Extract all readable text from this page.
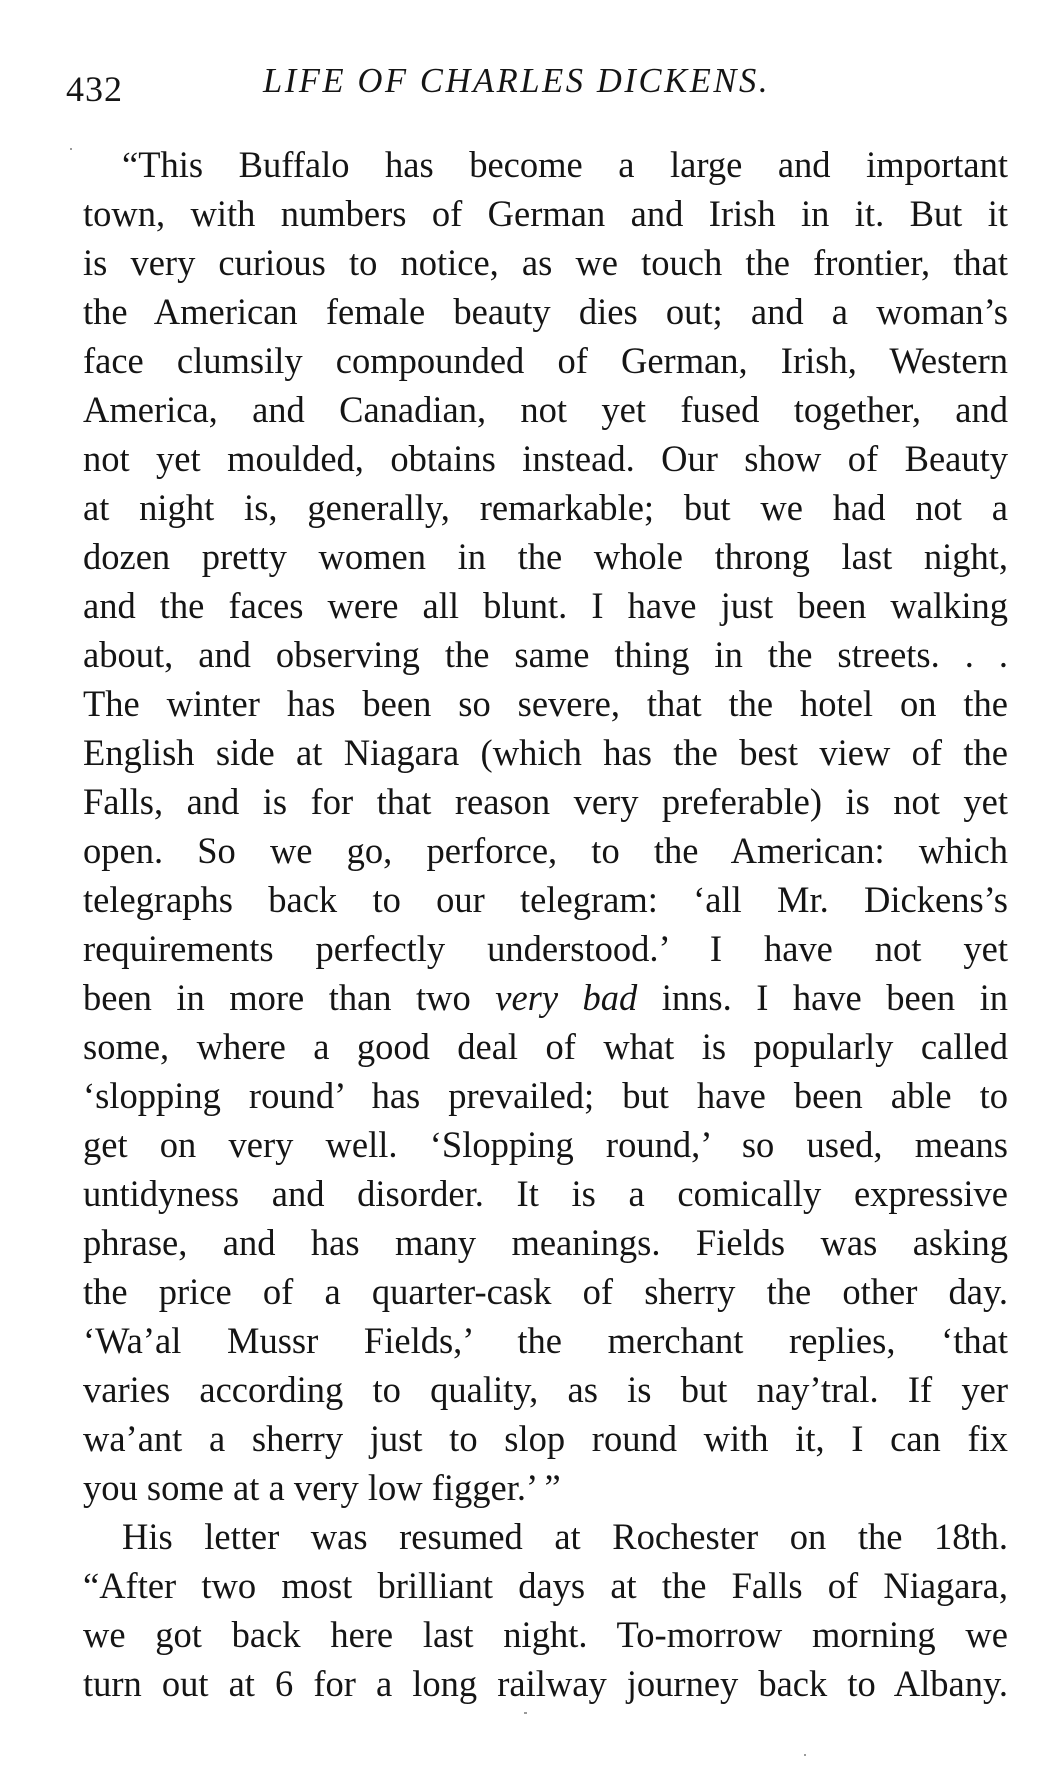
432	LIFE OF CHARLES DICKENS.
“This Buffalo has become a large and important
town, with numbers of German and Irish in it. But it
is very curious to notice, as we touch the frontier, that
the American female beauty dies out; and a woman’s
face clumsily compounded of German, Irish, Western
America, and Canadian, not yet fused together, and
not yet moulded, obtains instead. Our show of Beauty
at night is, generally, remarkable; but we had not a
dozen pretty women in the whole throng last night,
and the faces were all blunt. I have just been walking
about, and observing the same thing in the streets. . .
The winter has been so severe, that the hotel on the
English side at Niagara (which has the best view of the
Falls, and is for that reason very preferable) is not yet
open. So we go, perforce, to the American: which
telegraphs back to our telegram: ‘all Mr. Dickens’s
requirements perfectly understood.’ I have not yet
been in more than two very bad inns. I have been in
some, where a good deal of what is popularly called
‘slopping round’ has prevailed; but have been able to
get on very well. ‘Slopping round,’ so used, means
untidyness and disorder. It is a comically expressive
phrase, and has many meanings. Fields was asking
the price of a quarter-cask of sherry the other day.
‘Wa’al Mussr Fields,’ the merchant replies, ‘that
varies according to quality, as is but nay’tral. If yer
wa’ant a sherry just to slop round with it, I can fix
you some at a very low figger.’ ”
His letter was resumed at Rochester on the 18th.
“After two most brilliant days at the Falls of Niagara,
we got back here last night. To-morrow morning we
turn out at 6 for a long railway journey back to Albany.
